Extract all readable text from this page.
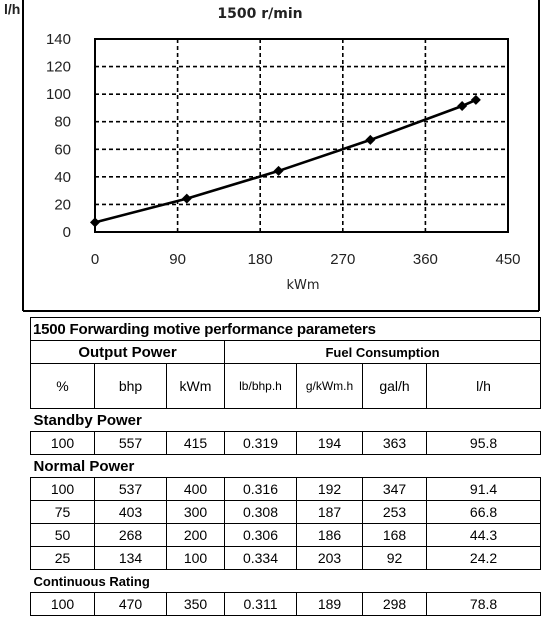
0
20
40
60
80
100
120
140
0	90	180	270	360	450
l/h	1500 r/min
kWm
1500 Forwarding motive performance parameters						
Output Power			Fuel Consumption			
%	bhp	kWm	lb/bhp.h	g/kWm.h	gal/h	l/h
Standby Power						
100	557	415	0.319	194	363	95.8
Normal Power						
100	537	400	0.316	192	347	91.4
75	403	300	0.308	187	253	66.8
50	268	200	0.306	186	168	44.3
25	134	100	0.334	203	92	24.2
Continuous Rating						
100	470	350	0.311	189	298	78.8
